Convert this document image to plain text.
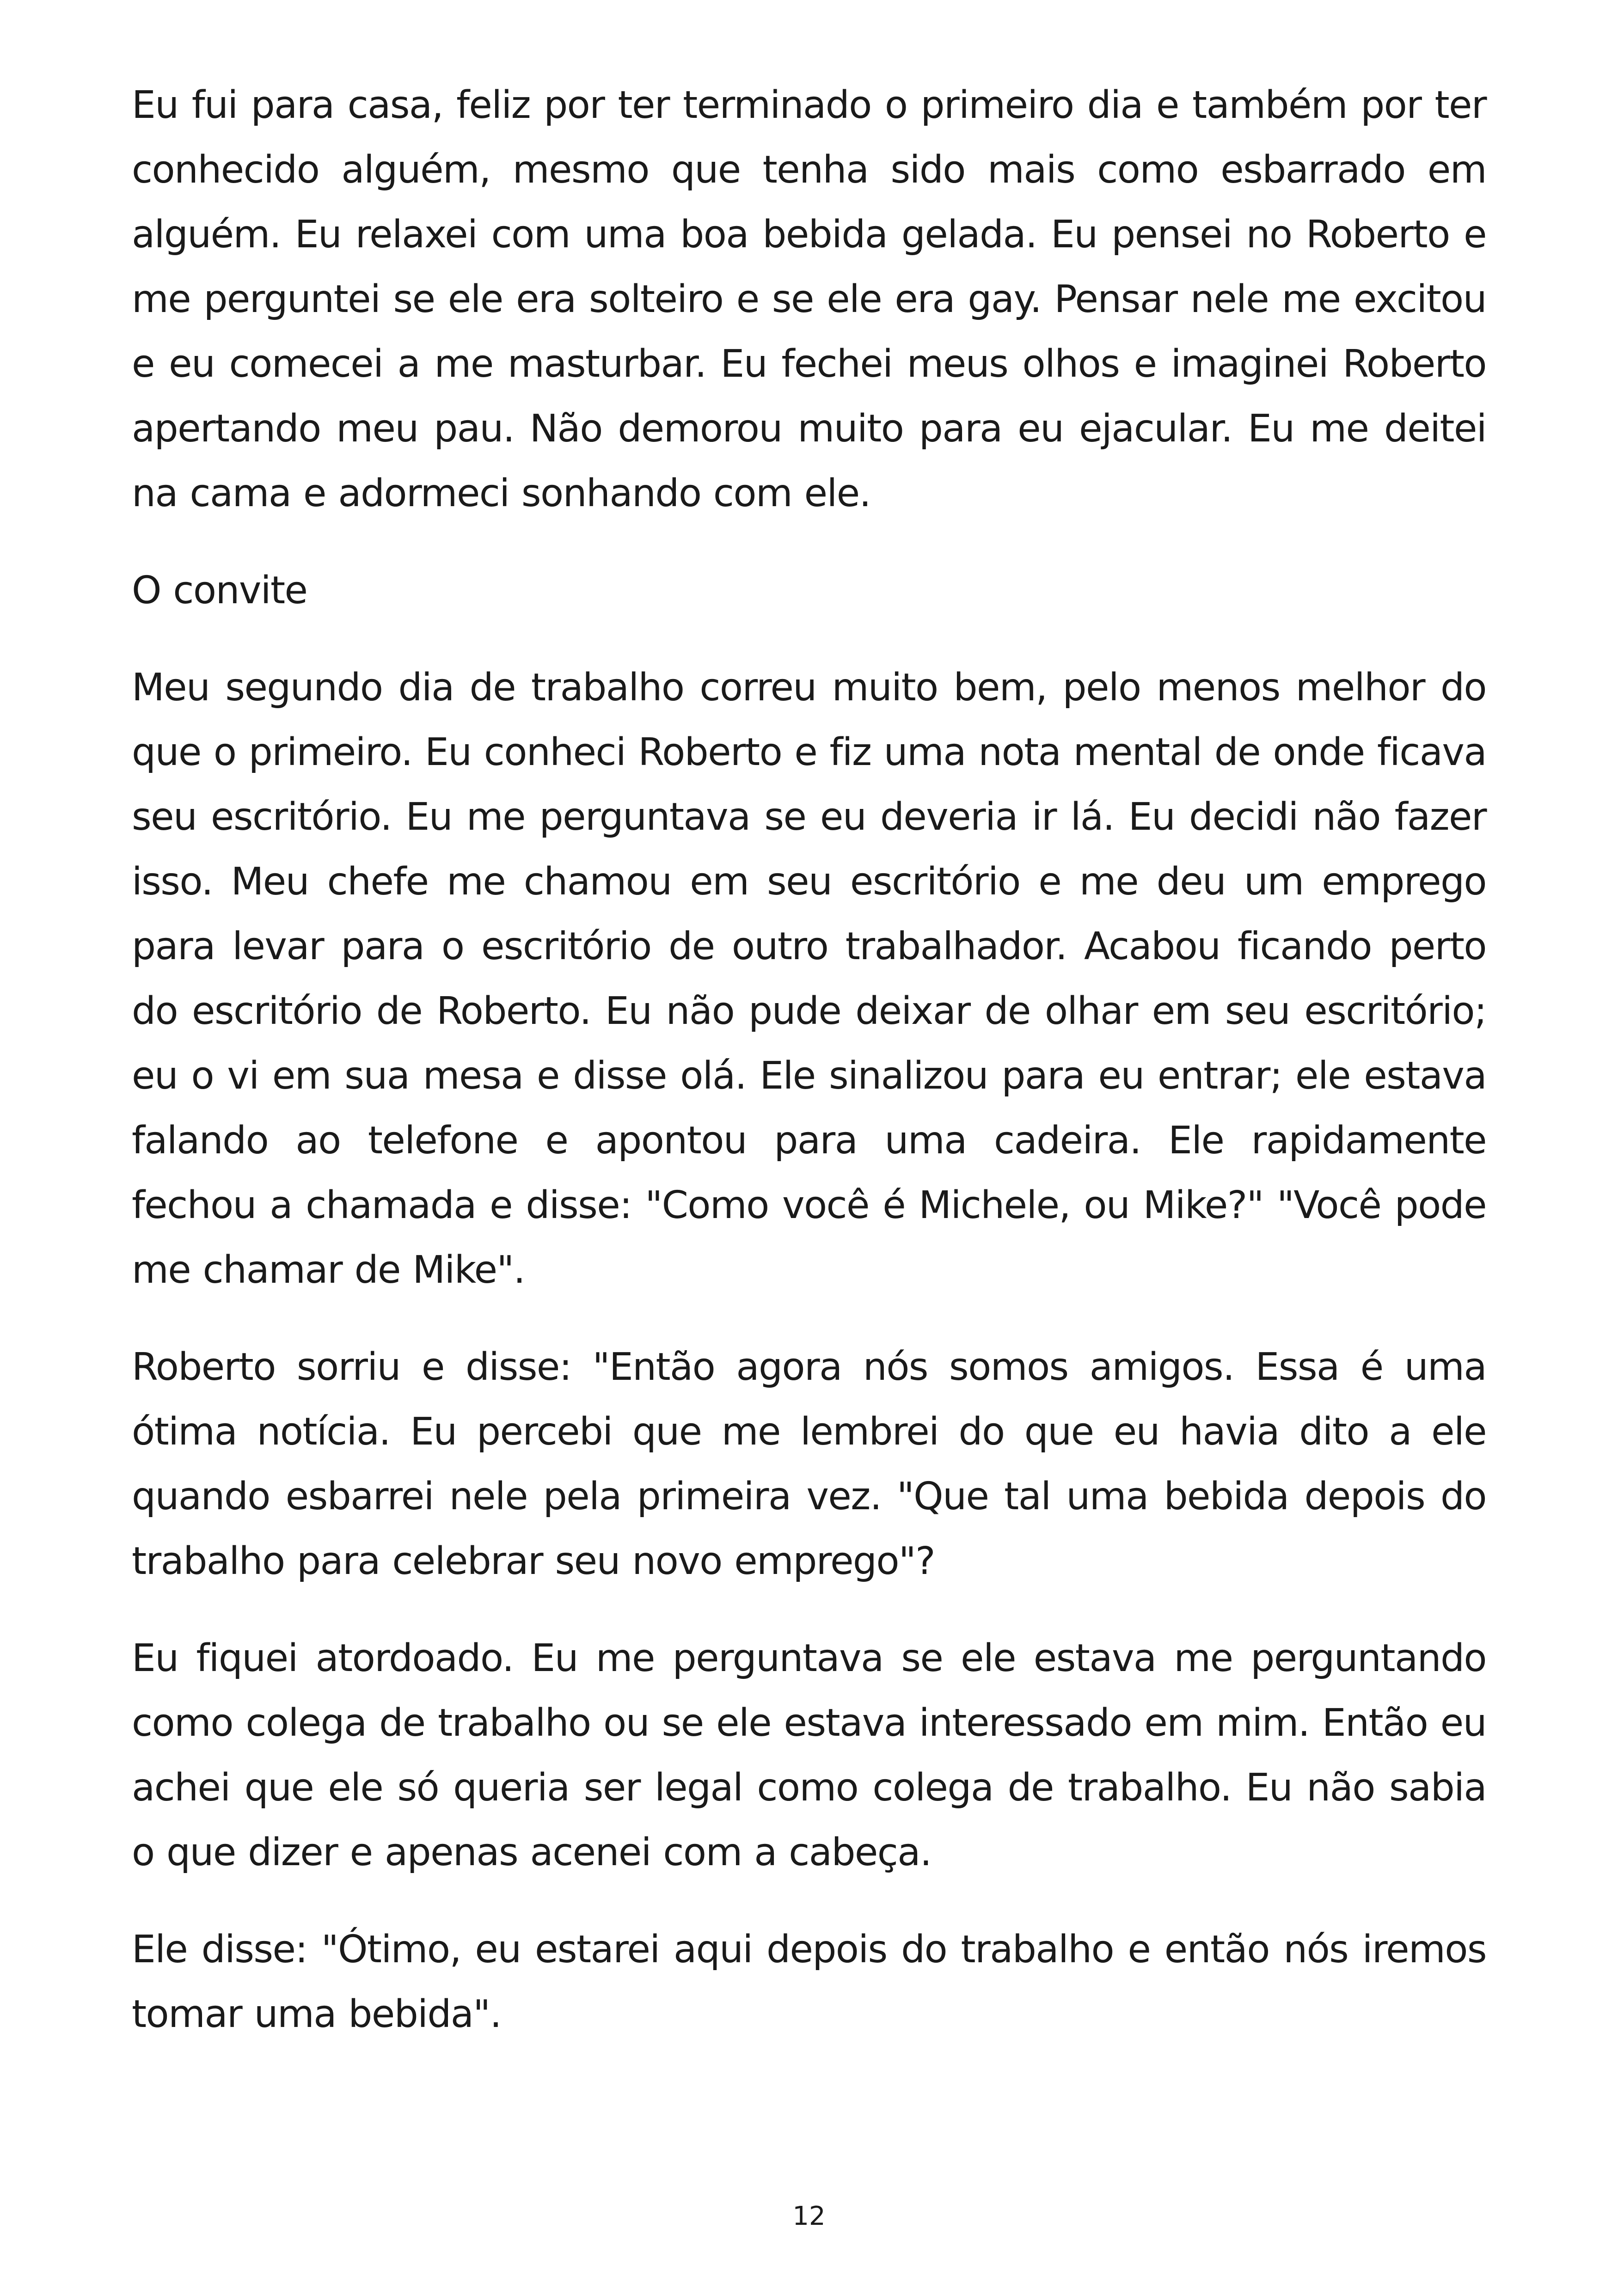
Eu fui para casa, feliz por ter terminado o primeiro dia e também por ter conhecido alguém, mesmo que tenha sido mais como esbarrado em alguém. Eu relaxei com uma boa bebida gelada. Eu pensei no Roberto e me perguntei se ele era solteiro e se ele era gay. Pensar nele me excitou e eu comecei a me masturbar. Eu fechei meus olhos e imaginei Roberto apertando meu pau. Não demorou muito para eu ejacular. Eu me deitei na cama e adormeci sonhando com ele.

O convite

Meu segundo dia de trabalho correu muito bem, pelo menos melhor do que o primeiro. Eu conheci Roberto e fiz uma nota mental de onde ficava seu escritório. Eu me perguntava se eu deveria ir lá. Eu decidi não fazer isso. Meu chefe me chamou em seu escritório e me deu um emprego para levar para o escritório de outro trabalhador. Acabou ficando perto do escritório de Roberto. Eu não pude deixar de olhar em seu escritório; eu o vi em sua mesa e disse olá. Ele sinalizou para eu entrar; ele estava falando ao telefone e apontou para uma cadeira. Ele rapidamente fechou a chamada e disse: "Como você é Michele, ou Mike?" "Você pode me chamar de Mike".

Roberto sorriu e disse: "Então agora nós somos amigos. Essa é uma ótima notícia. Eu percebi que me lembrei do que eu havia dito a ele quando esbarrei nele pela primeira vez. "Que tal uma bebida depois do trabalho para celebrar seu novo emprego"?

Eu fiquei atordoado. Eu me perguntava se ele estava me perguntando como colega de trabalho ou se ele estava interessado em mim. Então eu achei que ele só queria ser legal como colega de trabalho. Eu não sabia o que dizer e apenas acenei com a cabeça.

Ele disse: "Ótimo, eu estarei aqui depois do trabalho e então nós iremos tomar uma bebida".

12
